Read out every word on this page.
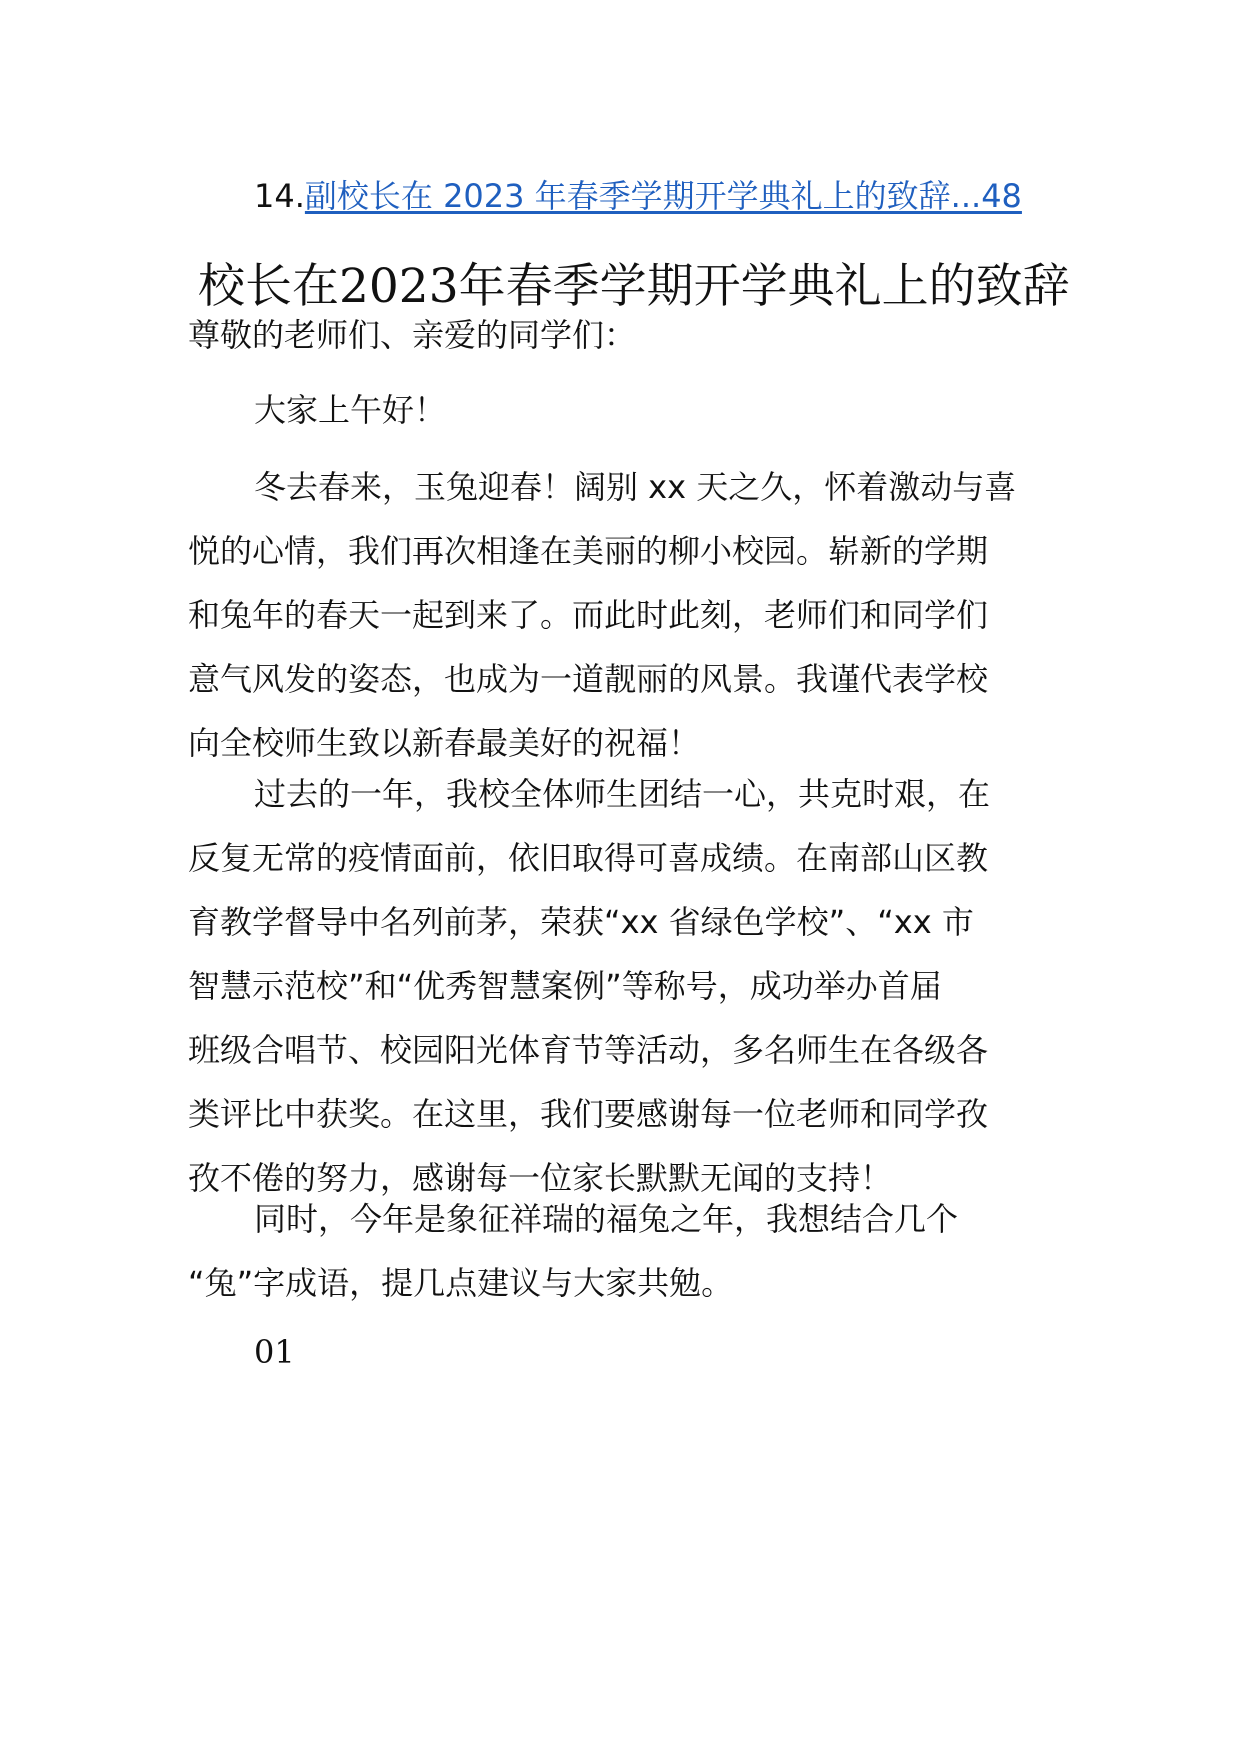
14.副校长在 2023 年春季学期开学典礼上的致辞...48
校长在2023年春季学期开学典礼上的致辞

尊敬的老师们、亲爱的同学们：

大家上午好！

冬去春来，玉兔迎春！阔别 xx 天之久，怀着激动与喜
悦的心情，我们再次相逢在美丽的柳小校园。崭新的学期
和兔年的春天一起到来了。而此时此刻，老师们和同学们
意气风发的姿态，也成为一道靓丽的风景。我谨代表学校
向全校师生致以新春最美好的祝福！
过去的一年，我校全体师生团结一心，共克时艰，在
反复无常的疫情面前，依旧取得可喜成绩。在南部山区教
育教学督导中名列前茅，荣获“xx 省绿色学校”、“xx 市
智慧示范校”和“优秀智慧案例”等称号，成功举办首届
班级合唱节、校园阳光体育节等活动，多名师生在各级各
类评比中获奖。在这里，我们要感谢每一位老师和同学孜
孜不倦的努力，感谢每一位家长默默无闻的支持！
同时，今年是象征祥瑞的福兔之年，我想结合几个
“兔”字成语，提几点建议与大家共勉。

01
